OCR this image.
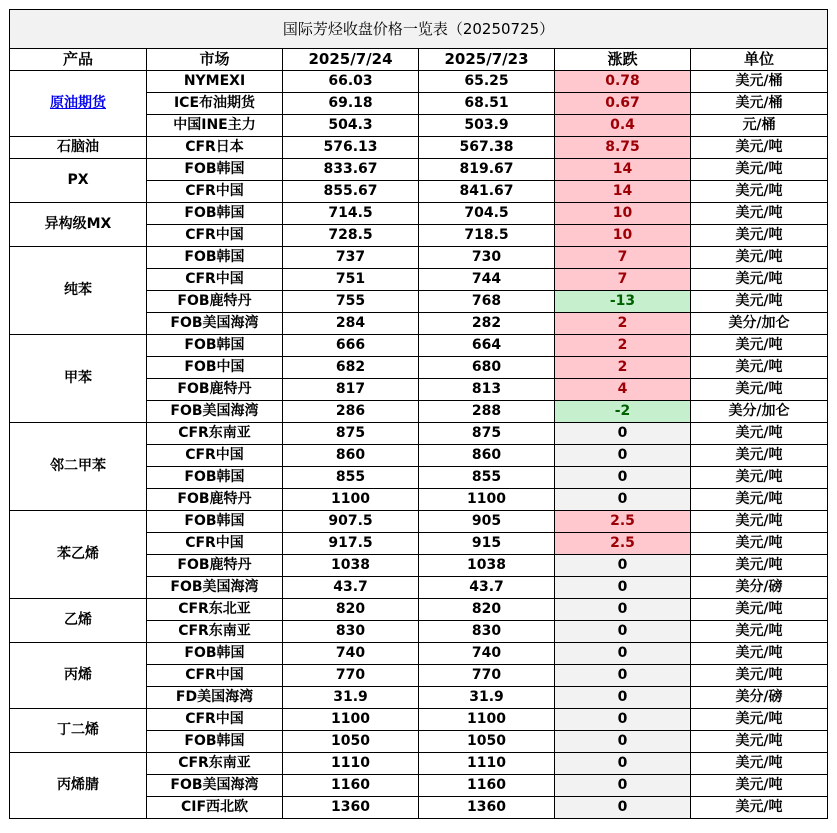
国际芳烃收盘价格一览表（20250725）					
产品	市场	2025/7/24	2025/7/23	涨跌	单位
原油期货	NYMEXI	66.03	65.25	0.78	美元/桶
	ICE布油期货	69.18	68.51	0.67	美元/桶
	中国INE主力	504.3	503.9	0.4	元/桶
石脑油	CFR日本	576.13	567.38	8.75	美元/吨
PX	FOB韩国	833.67	819.67	14	美元/吨
	CFR中国	855.67	841.67	14	美元/吨
异构级MX	FOB韩国	714.5	704.5	10	美元/吨
	CFR中国	728.5	718.5	10	美元/吨
纯苯	FOB韩国	737	730	7	美元/吨
	CFR中国	751	744	7	美元/吨
	FOB鹿特丹	755	768	-13	美元/吨
	FOB美国海湾	284	282	2	美分/加仑
甲苯	FOB韩国	666	664	2	美元/吨
	FOB中国	682	680	2	美元/吨
	FOB鹿特丹	817	813	4	美元/吨
	FOB美国海湾	286	288	-2	美分/加仑
邻二甲苯	CFR东南亚	875	875	0	美元/吨
	CFR中国	860	860	0	美元/吨
	FOB韩国	855	855	0	美元/吨
	FOB鹿特丹	1100	1100	0	美元/吨
苯乙烯	FOB韩国	907.5	905	2.5	美元/吨
	CFR中国	917.5	915	2.5	美元/吨
	FOB鹿特丹	1038	1038	0	美元/吨
	FOB美国海湾	43.7	43.7	0	美分/磅
乙烯	CFR东北亚	820	820	0	美元/吨
	CFR东南亚	830	830	0	美元/吨
丙烯	FOB韩国	740	740	0	美元/吨
	CFR中国	770	770	0	美元/吨
	FD美国海湾	31.9	31.9	0	美分/磅
丁二烯	CFR中国	1100	1100	0	美元/吨
	FOB韩国	1050	1050	0	美元/吨
丙烯腈	CFR东南亚	1110	1110	0	美元/吨
	FOB美国海湾	1160	1160	0	美元/吨
	CIF西北欧	1360	1360	0	美元/吨
